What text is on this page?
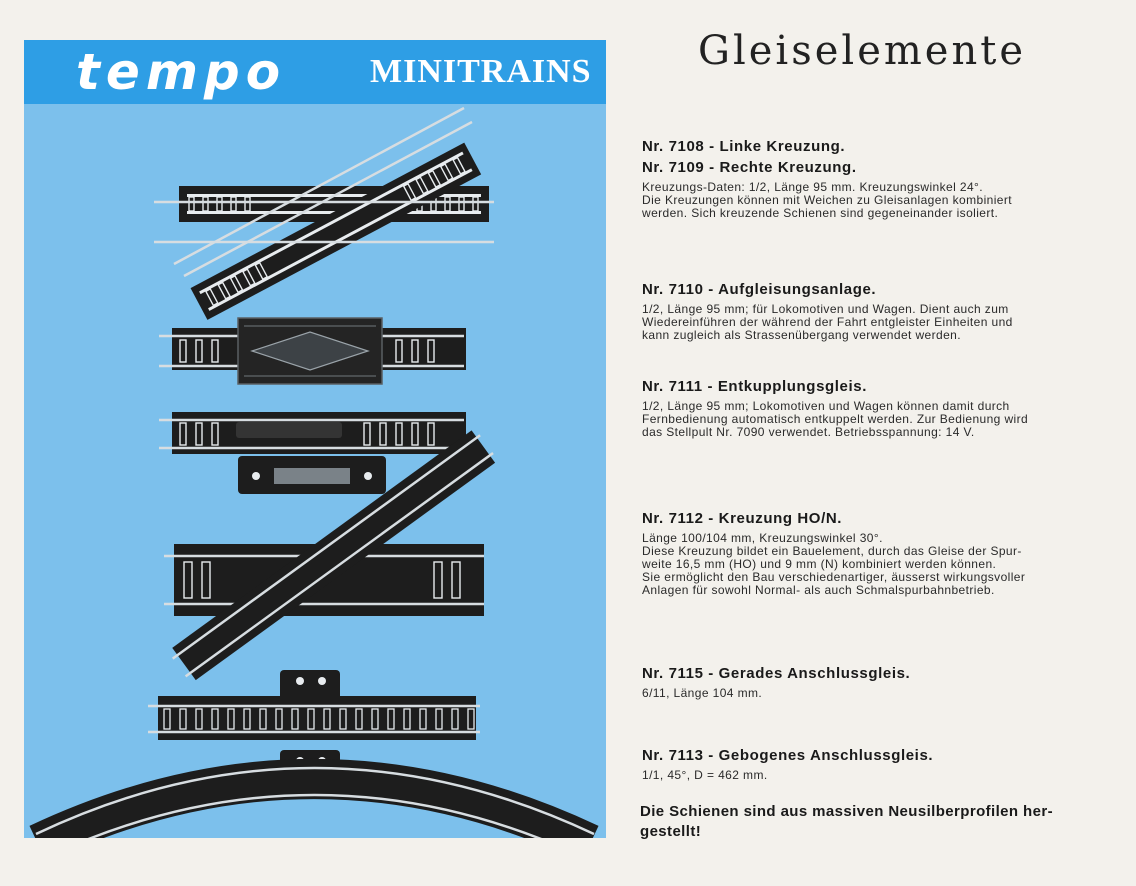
tempo MINITRAINS	Gleiselemente
Nr. 7108 - Linke Kreuzung.
Nr. 7109 - Rechte Kreuzung.
Kreuzungs-Daten: 1/2, Länge 95 mm. Kreuzungswinkel 24°.
Die Kreuzungen können mit Weichen zu Gleisanlagen kombiniert
werden. Sich kreuzende Schienen sind gegeneinander isoliert.
Nr. 7110 - Aufgleisungsanlage.
1/2, Länge 95 mm; für Lokomotiven und Wagen. Dient auch zum
Wiedereinführen der während der Fahrt entgleister Einheiten und
kann zugleich als Strassenübergang verwendet werden.
Nr. 7111 - Entkupplungsgleis.
1/2, Länge 95 mm; Lokomotiven und Wagen können damit durch
Fernbedienung automatisch entkuppelt werden. Zur Bedienung wird
das Stellpult Nr. 7090 verwendet. Betriebsspannung: 14 V.
Nr. 7112 - Kreuzung HO/N.
Länge 100/104 mm, Kreuzungswinkel 30°.
Diese Kreuzung bildet ein Bauelement, durch das Gleise der Spur-
weite 16,5 mm (HO) und 9 mm (N) kombiniert werden können.
Sie ermöglicht den Bau verschiedenartiger, äusserst wirkungsvoller
Anlagen für sowohl Normal- als auch Schmalspurbahnbetrieb.
Nr. 7115 - Gerades Anschlussgleis.
6/11, Länge 104 mm.
Nr. 7113 - Gebogenes Anschlussgleis.
1/1, 45°, D = 462 mm.
Die Schienen sind aus massiven Neusilberprofilen her- gestellt!
